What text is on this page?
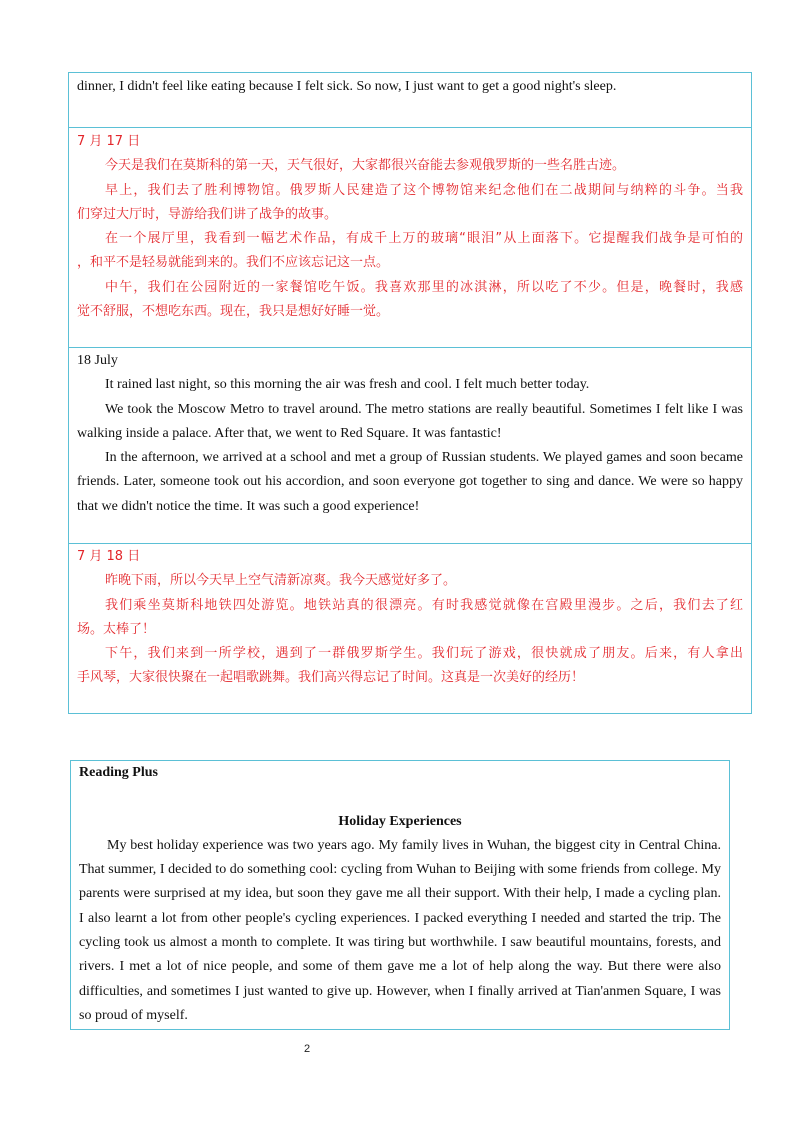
dinner, I didn't feel like eating because I felt sick. So now, I just want to get a good night's sleep.

7 月 17 日

今天是我们在莫斯科的第一天，天气很好，大家都很兴奋能去参观俄罗斯的一些名胜古迹。

早上，我们去了胜利博物馆。俄罗斯人民建造了这个博物馆来纪念他们在二战期间与纳粹的斗争。当我

们穿过大厅时，导游给我们讲了战争的故事。

在一个展厅里，我看到一幅艺术作品，有成千上万的玻璃“眼泪”从上面落下。它提醒我们战争是可怕的

，和平不是轻易就能到来的。我们不应该忘记这一点。

中午，我们在公园附近的一家餐馆吃午饭。我喜欢那里的冰淇淋，所以吃了不少。但是，晚餐时，我感

觉不舒服，不想吃东西。现在，我只是想好好睡一觉。

18 July

It rained last night, so this morning the air was fresh and cool. I felt much better today.

We took the Moscow Metro to travel around. The metro stations are really beautiful. Sometimes I felt like I was

walking inside a palace. After that, we went to Red Square. It was fantastic!

In the afternoon, we arrived at a school and met a group of Russian students. We played games and soon became

friends. Later, someone took out his accordion, and soon everyone got together to sing and dance. We were so happy

that we didn't notice the time. It was such a good experience!

7 月 18 日

昨晚下雨，所以今天早上空气清新凉爽。我今天感觉好多了。

我们乘坐莫斯科地铁四处游览。地铁站真的很漂亮。有时我感觉就像在宫殿里漫步。之后，我们去了红

场。太棒了！

下午，我们来到一所学校，遇到了一群俄罗斯学生。我们玩了游戏，很快就成了朋友。后来，有人拿出

手风琴，大家很快聚在一起唱歌跳舞。我们高兴得忘记了时间。这真是一次美好的经历！

Reading Plus

Holiday Experiences

My best holiday experience was two years ago. My family lives in Wuhan, the biggest city in Central China.

That summer, I decided to do something cool: cycling from Wuhan to Beijing with some friends from college. My

parents were surprised at my idea, but soon they gave me all their support. With their help, I made a cycling plan.

I also learnt a lot from other people's cycling experiences. I packed everything I needed and started the trip. The

cycling took us almost a month to complete. It was tiring but worthwhile. I saw beautiful mountains, forests, and

rivers. I met a lot of nice people, and some of them gave me a lot of help along the way. But there were also

difficulties, and sometimes I just wanted to give up. However, when I finally arrived at Tian'anmen Square, I was

so proud of myself.

2
